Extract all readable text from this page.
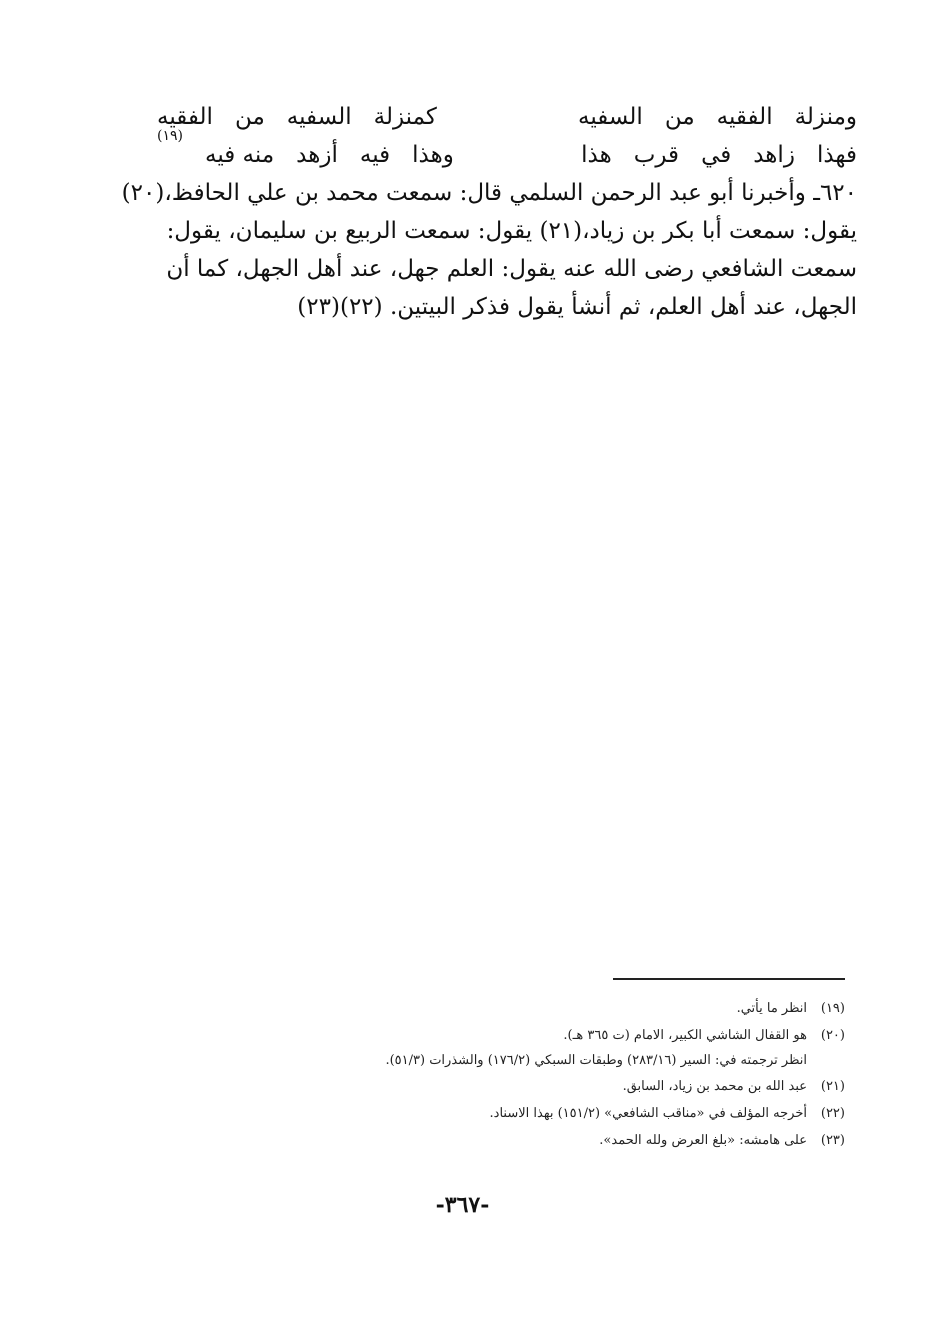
ومنزلة
الفقيه
من
السفيه
كمنزلة
السفيه
من
الفقيه
فهذا
زاهد
في
قرب
هذا
وهذا
فيه
أزهد
منه فيه
(١٩)
٦٢٠ـ وأخبرنا أبو عبد الرحمن السلمي قال: سمعت محمد بن علي الحافظ،(٢٠)
يقول: سمعت أبا بكر بن زياد،(٢١) يقول: سمعت الربيع بن سليمان، يقول:
سمعت الشافعي رضى الله عنه يقول: العلم جهل، عند أهل الجهل، كما أن
الجهل، عند أهل العلم، ثم أنشأ يقول فذكر البيتين. (٢٢)(٢٣)
(١٩)
انظر ما يأتي.
(٢٠)
هو القفال الشاشي الكبير، الامام (ت ٣٦٥ هـ).
انظر ترجمته في: السير (٢٨٣/١٦) وطبقات السبكي (١٧٦/٢) والشذرات (٥١/٣).
(٢١)
عبد الله بن محمد بن زياد، السابق.
(٢٢)
أخرجه المؤلف في «مناقب الشافعي» (١٥١/٢) بهذا الاسناد.
(٢٣)
على هامشه: «بلغ العرض ولله الحمد».
-٣٦٧-
